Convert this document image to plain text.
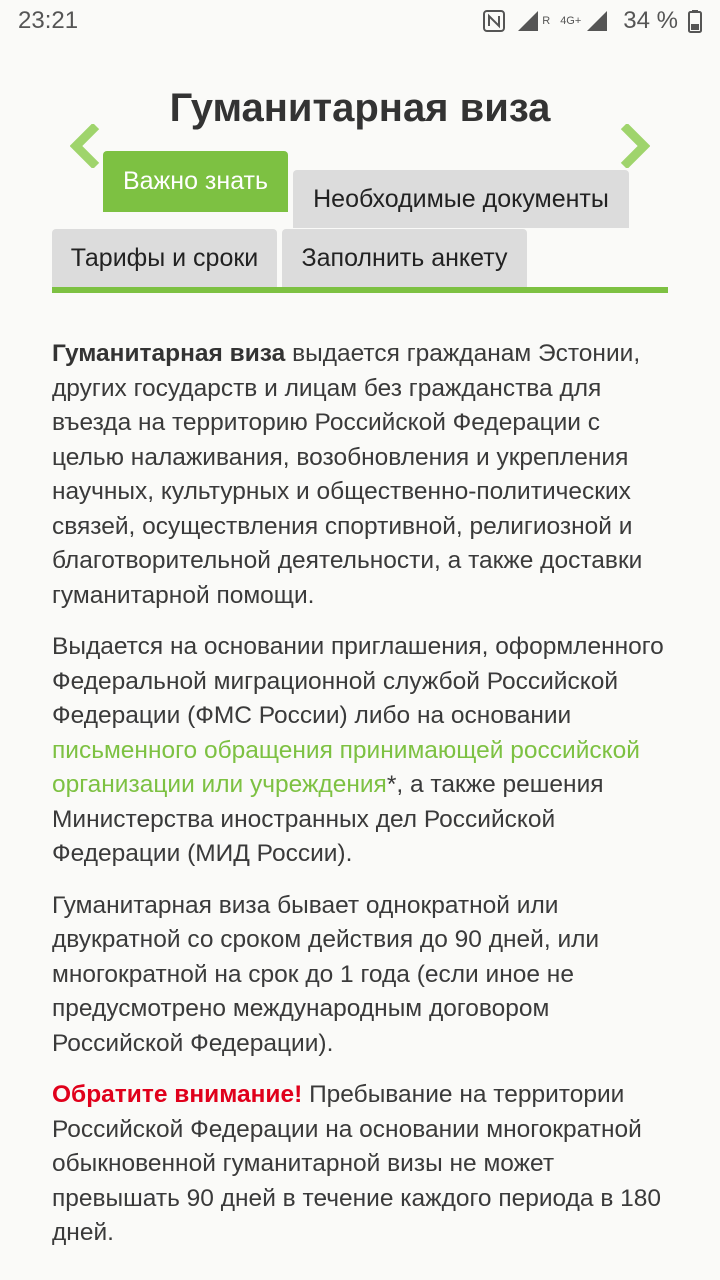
23:21	R 4G+ 34 %
Гуманитарная виза
Важно знать
Необходимые документы
Тарифы и сроки	Заполнить анкету

Гуманитарная виза выдается гражданам Эстонии, других государств и лицам без гражданства для въезда на территорию Российской Федерации с целью налаживания, возобновления и укрепления научных, культурных и общественно-политических связей, осуществления спортивной, религиозной и благотворительной деятельности, а также доставки гуманитарной помощи.

Выдается на основании приглашения, оформленного Федеральной миграционной службой Российской Федерации (ФМС России) либо на основании письменного обращения принимающей российской организации или учреждения*, а также решения Министерства иностранных дел Российской Федерации (МИД России).

Гуманитарная виза бывает однократной или двукратной со сроком действия до 90 дней, или многократной на срок до 1 года (если иное не предусмотрено международным договором Российской Федерации).

Обратите внимание! Пребывание на территории Российской Федерации на основании многократной обыкновенной гуманитарной визы не может превышать 90 дней в течение каждого периода в 180 дней.
